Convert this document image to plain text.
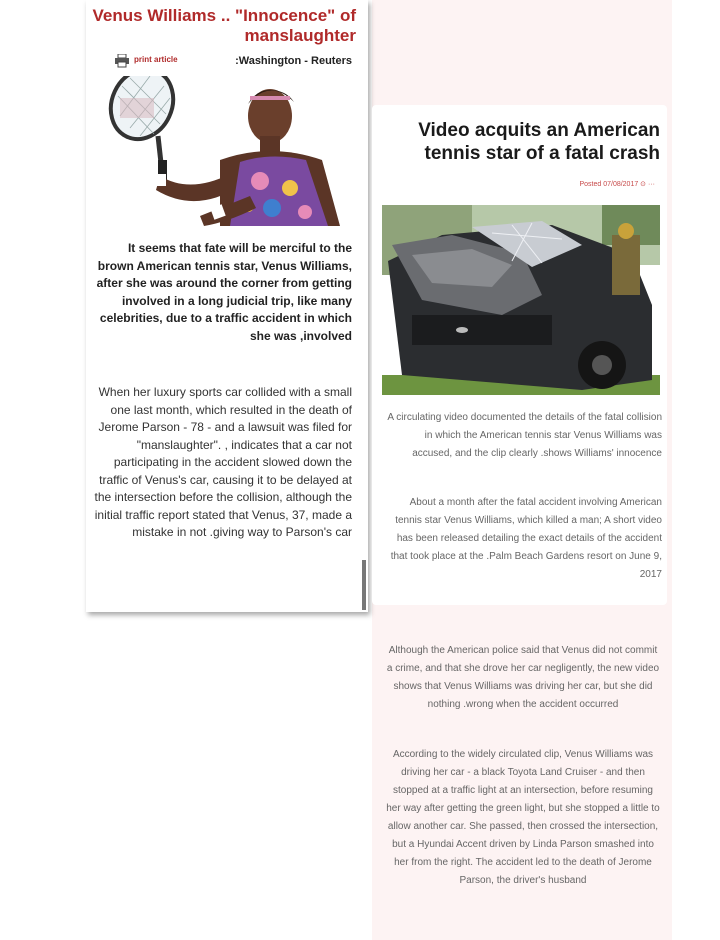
Venus Williams .. "Innocence" of manslaughter
print article	:Washington - Reuters
It seems that fate will be merciful to the brown American tennis star, Venus Williams, after she was around the corner from getting involved in a long judicial trip, like many celebrities, due to a traffic accident in which she was ,involved
When her luxury sports car collided with a small one last month, which resulted in the death of Jerome Parson - 78 - and a lawsuit was filed for "manslaughter". , indicates that a car not participating in the accident slowed down the traffic of Venus's car, causing it to be delayed at the intersection before the collision, although the initial traffic report stated that Venus, 37, made a mistake in not .giving way to Parson's car
Video acquits an American tennis star of a fatal crash
Posted 07/08/2017 ⊙ ···
A circulating video documented the details of the fatal collision in which the American tennis star Venus Williams was accused, and the clip clearly .shows Williams' innocence
About a month after the fatal accident involving American tennis star Venus Williams, which killed a man; A short video has been released detailing the exact details of the accident that took place at the .Palm Beach Gardens resort on June 9, 2017
Although the American police said that Venus did not commit a crime, and that she drove her car negligently, the new video shows that Venus Williams was driving her car, but she did nothing .wrong when the accident occurred
According to the widely circulated clip, Venus Williams was driving her car - a black Toyota Land Cruiser - and then stopped at a traffic light at an intersection, before resuming her way after getting the green light, but she stopped a little to allow another car. She passed, then crossed the intersection, but a Hyundai Accent driven by Linda Parson smashed into her from the right. The accident led to the death of Jerome Parson, the driver's husband
